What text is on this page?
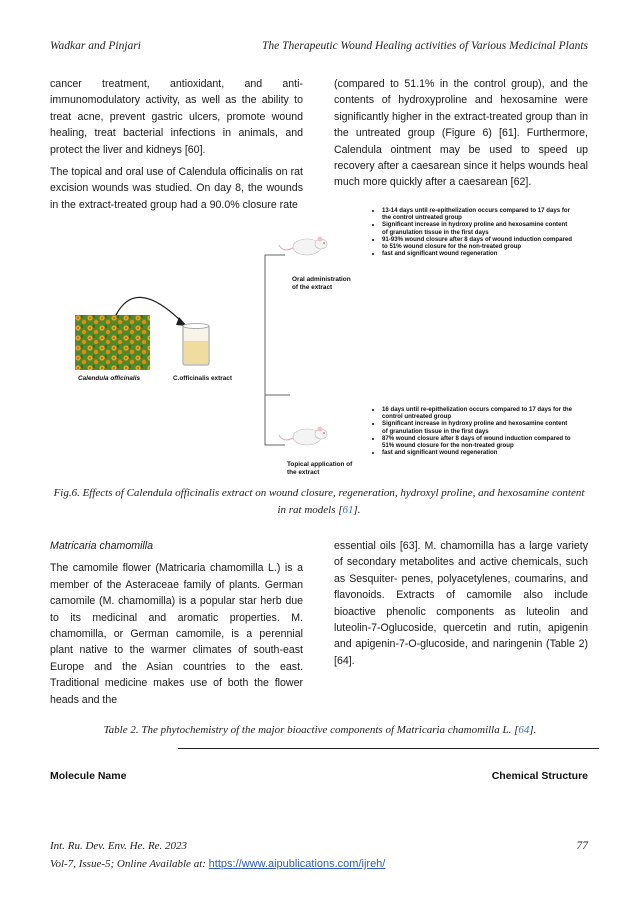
Wadkar and Pinjari	The Therapeutic Wound Healing activities of Various Medicinal Plants

cancer treatment, antioxidant, and anti-immunomodulatory activity, as well as the ability to treat acne, prevent gastric ulcers, promote wound healing, treat bacterial infections in animals, and protect the liver and kidneys [60].

The topical and oral use of Calendula officinalis on rat excision wounds was studied. On day 8, the wounds in the extract-treated group had a 90.0% closure rate

(compared to 51.1% in the control group), and the contents of hydroxyproline and hexosamine were significantly higher in the extract-treated group than in the untreated group (Figure 6) [61]. Furthermore, Calendula ointment may be used to speed up recovery after a caesarean since it helps wounds heal much more quickly after a caesarean [62].

Calendula officinalis	C.officinalis extract
Oral administration
of the extract
Topical application of
the extract
• 13-14 days until re-epithelization occurs compared to 17 days for the control untreated group
• Significant increase in hydroxy proline and hexosamine content of granulation tissue in the first days
• 91-93% wound closure after 8 days of wound induction compared to 51% wound closure for the non-treated group
• fast and significant wound regeneration
• 16 days until re-epithelization occurs compared to 17 days for the control untreated group
• Significant increase in hydroxy proline and hexosamine content of granulation tissue in the first days
• 87% wound closure after 8 days of wound induction compared to 51% wound closure for the non-treated group
• fast and significant wound regeneration
Fig.6. Effects of Calendula officinalis extract on wound closure, regeneration, hydroxyl proline, and hexosamine content in rat models [61].

Matricaria chamomilla

The camomile flower (Matricaria chamomilla L.) is a member of the Asteraceae family of plants. German camomile (M. chamomilla) is a popular star herb due to its medicinal and aromatic properties. M. chamomilla, or German camomile, is a perennial plant native to the warmer climates of south-east Europe and the Asian countries to the east. Traditional medicine makes use of both the flower heads and the

essential oils [63]. M. chamomilla has a large variety of secondary metabolites and active chemicals, such as Sesquiter- penes, polyacetylenes, coumarins, and flavonoids. Extracts of camomile also include bioactive phenolic components as luteolin and luteolin-7-Oglucoside, quercetin and rutin, apigenin and apigenin-7-O-glucoside, and naringenin (Table 2) [64].

Table 2. The phytochemistry of the major bioactive components of Matricaria chamomilla L. [64].
Molecule Name	Chemical Structure
Int. Ru. Dev. Env. He. Re. 2023
Vol-7, Issue-5; Online Available at: https://www.aipublications.com/ijreh/
77
